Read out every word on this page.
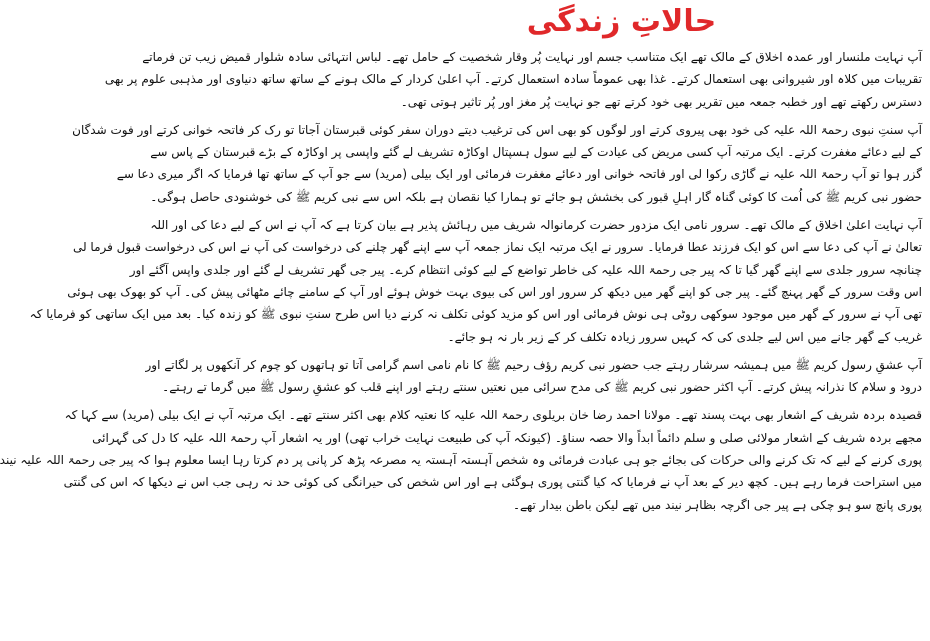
حالاتِ زندگی
آپ نہایت ملنسار اور عمدہ اخلاق کے مالک تھے ایک متناسب جسم اور نہایت پُر وقار شخصیت کے حامل تھے۔ لباس انتہائی سادہ شلوار قمیض زیب تن فرماتے
تقریبات میں کلاہ اور شیروانی بھی استعمال کرتے۔ غذا بھی عموماً سادہ استعمال کرتے۔ آپ اعلیٰ کردار کے مالک ہونے کے ساتھ ساتھ دنیاوی اور مذہبی علوم پر بھی
دسترس رکھتے تھے اور خطبہ جمعہ میں تقریر بھی خود کرتے تھے جو نہایت پُر مغز اور پُر تاثیر ہوتی تھی۔
آپ سنتِ نبوی رحمۃ اللہ علیہ کی خود بھی پیروی کرتے اور لوگوں کو بھی اس کی ترغیب دیتے دوران سفر کوئی قبرستان آجاتا تو رک کر فاتحہ خوانی کرتے اور فوت شدگان
کے لیے دعائے مغفرت کرتے۔ ایک مرتبہ آپ کسی مریض کی عیادت کے لیے سول ہسپتال اوکاڑہ تشریف لے گئے واپسی پر اوکاڑہ کے بڑے قبرستان کے پاس سے
گزر ہوا تو آپ رحمۃ اللہ علیہ نے گاڑی رکوا لی اور فاتحہ خوانی اور دعائے مغفرت فرمائی اور ایک بیلی (مرید) سے جو آپ کے ساتھ تھا فرمایا کہ اگر میری دعا سے
حضور نبی کریم ﷺ کی اُمت کا کوئی گناہ گار اہلِ قبور کی بخشش ہو جائے تو ہمارا کیا نقصان ہے بلکہ اس سے نبی کریم ﷺ کی خوشنودی حاصل ہوگی۔
آپ نہایت اعلیٰ اخلاق کے مالک تھے۔ سرور نامی ایک مزدور حضرت کرمانوالہ شریف میں رہائش پذیر ہے بیان کرتا ہے کہ آپ نے اس کے لیے دعا کی اور اللہ
تعالیٰ نے آپ کی دعا سے اس کو ایک فرزند عطا فرمایا۔ سرور نے ایک مرتبہ ایک نماز جمعہ آپ سے اپنے گھر چلنے کی درخواست کی آپ نے اس کی درخواست قبول فرما لی
چنانچہ سرور جلدی سے اپنے گھر گیا تا کہ پیر جی رحمۃ اللہ علیہ کی خاطر تواضع کے لیے کوئی انتظام کرے۔ پیر جی گھر تشریف لے گئے اور جلدی واپس آگئے اور
اس وقت سرور کے گھر پہنچ گئے۔ پیر جی کو اپنے گھر میں دیکھ کر سرور اور اس کی بیوی بہت خوش ہوئے اور آپ کے سامنے چائے مٹھائی پیش کی۔ آپ کو بھوک بھی ہوئی
تھی آپ نے سرور کے گھر میں موجود سوکھی روٹی ہی نوش فرمائی اور اس کو مزید کوئی تکلف نہ کرنے دیا اس طرح سنتِ نبوی ﷺ کو زندہ کیا۔ بعد میں ایک ساتھی کو فرمایا کہ
غریب کے گھر جانے میں اس لیے جلدی کی کہ کہیں سرور زیادہ تکلف کر کے زیر بار نہ ہو جائے۔
آپ عشقِ رسول کریم ﷺ میں ہمیشہ سرشار رہتے جب حضور نبی کریم رؤف رحیم ﷺ کا نام نامی اسم گرامی آتا تو ہاتھوں کو چوم کر آنکھوں پر لگاتے اور
درود و سلام کا نذرانہ پیش کرتے۔ آپ اکثر حضور نبی کریم ﷺ کی مدح سرائی میں نعتیں سنتے رہتے اور اپنے قلب کو عشقِ رسول ﷺ میں گرما تے رہتے۔
قصیدہ بردہ شریف کے اشعار بھی بہت پسند تھے۔ مولانا احمد رضا خان بریلوی رحمۃ اللہ علیہ کا نعتیہ کلام بھی اکثر سنتے تھے۔ ایک مرتبہ آپ نے ایک بیلی (مرید) سے کہا کہ
مجھے بردہ شریف کے اشعار مولائی صلی و سلم دائماً ابداً والا حصہ سناؤ۔ (کیونکہ آپ کی طبیعت نہایت خراب تھی) اور یہ اشعار آپ رحمۃ اللہ علیہ کا دل کی گہرائی
پوری کرنے کے لیے کہ تک کرنے والی حرکات کی بجائے جو ہی عبادت فرمائی وہ شخص آہستہ آہستہ یہ مصرعہ پڑھ کر پانی پر دم کرتا رہا ایسا معلوم ہوا کہ پیر جی رحمۃ اللہ علیہ نیند
میں استراحت فرما رہے ہیں۔ کچھ دیر کے بعد آپ نے فرمایا کہ کیا گنتی پوری ہوگئی ہے اور اس شخص کی حیرانگی کی کوئی حد نہ رہی جب اس نے دیکھا کہ اس کی گنتی
پوری پانچ سو ہو چکی ہے پیر جی اگرچہ بظاہر نیند میں تھے لیکن باطن بیدار تھے۔
